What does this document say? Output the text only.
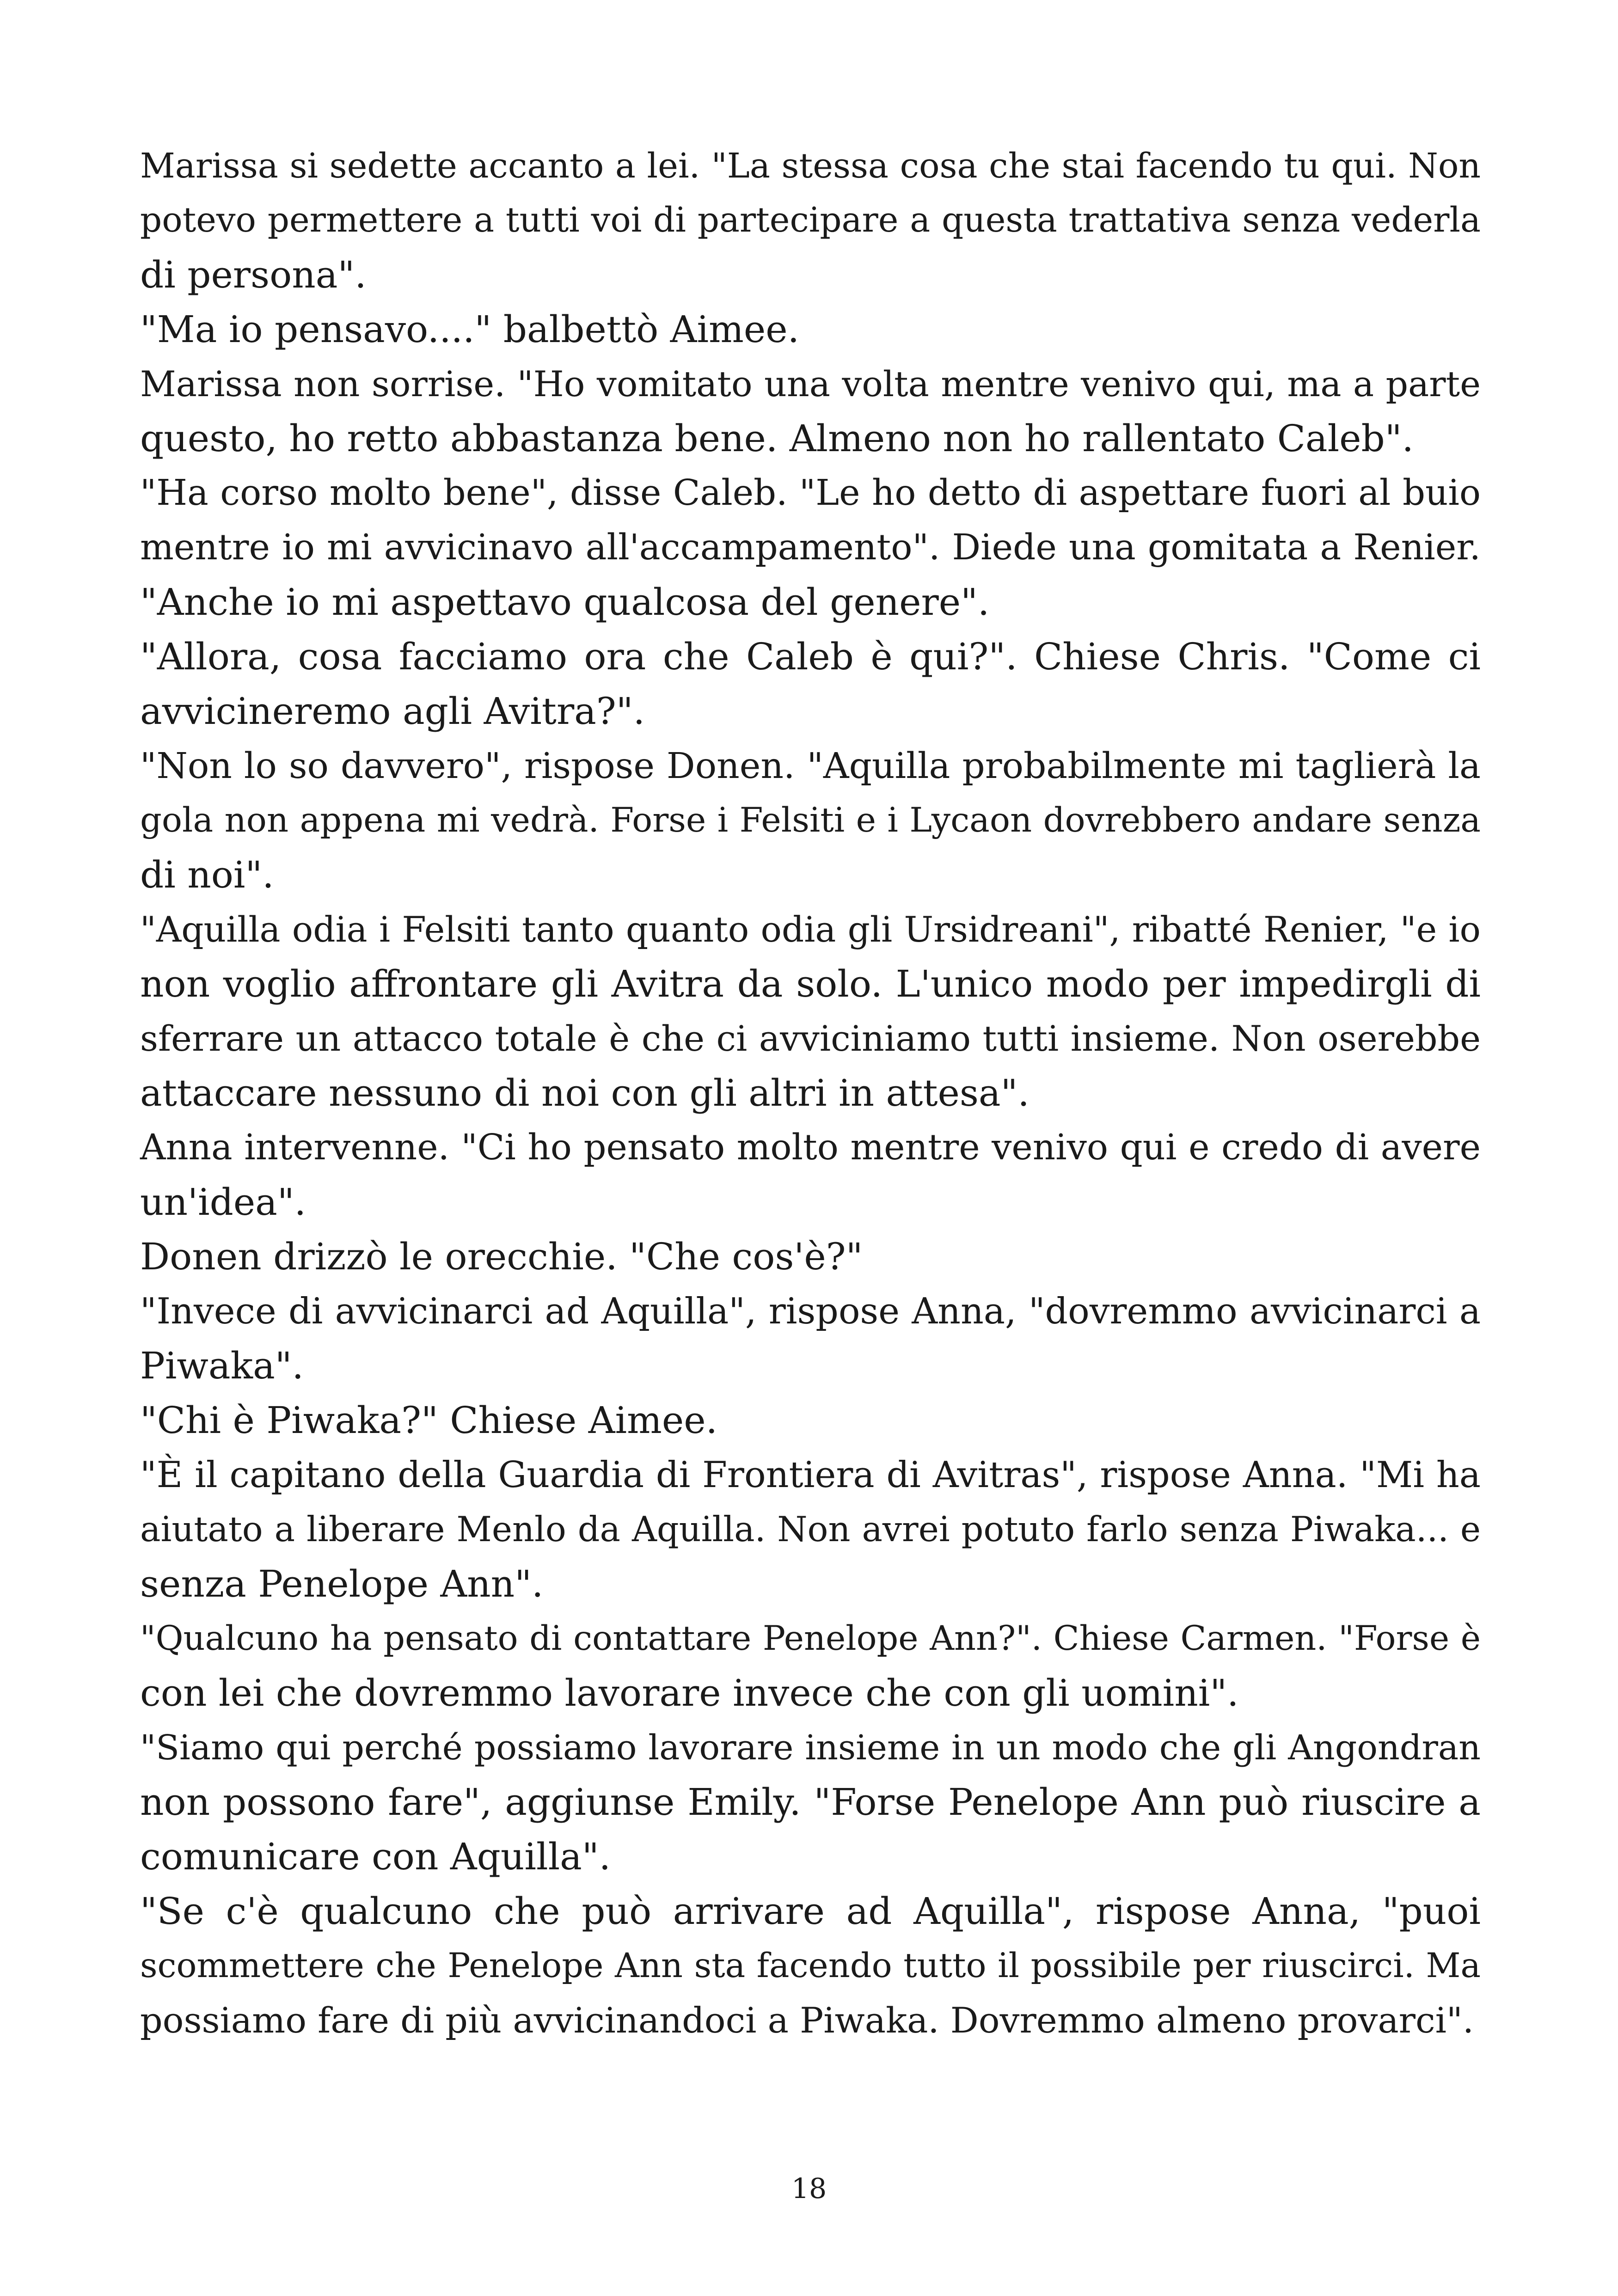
Marissa si sedette accanto a lei. "La stessa cosa che stai facendo tu qui. Non
potevo permettere a tutti voi di partecipare a questa trattativa senza vederla
di persona".
"Ma io pensavo...." balbettò Aimee.
Marissa non sorrise. "Ho vomitato una volta mentre venivo qui, ma a parte
questo, ho retto abbastanza bene. Almeno non ho rallentato Caleb".
"Ha corso molto bene", disse Caleb. "Le ho detto di aspettare fuori al buio
mentre io mi avvicinavo all'accampamento". Diede una gomitata a Renier.
"Anche io mi aspettavo qualcosa del genere".
"Allora, cosa facciamo ora che Caleb è qui?". Chiese Chris. "Come ci
avvicineremo agli Avitra?".
"Non lo so davvero", rispose Donen. "Aquilla probabilmente mi taglierà la
gola non appena mi vedrà. Forse i Felsiti e i Lycaon dovrebbero andare senza
di noi".
"Aquilla odia i Felsiti tanto quanto odia gli Ursidreani", ribatté Renier, "e io
non voglio affrontare gli Avitra da solo. L'unico modo per impedirgli di
sferrare un attacco totale è che ci avviciniamo tutti insieme. Non oserebbe
attaccare nessuno di noi con gli altri in attesa".
Anna intervenne. "Ci ho pensato molto mentre venivo qui e credo di avere
un'idea".
Donen drizzò le orecchie. "Che cos'è?"
"Invece di avvicinarci ad Aquilla", rispose Anna, "dovremmo avvicinarci a
Piwaka".
"Chi è Piwaka?" Chiese Aimee.
"È il capitano della Guardia di Frontiera di Avitras", rispose Anna. "Mi ha
aiutato a liberare Menlo da Aquilla. Non avrei potuto farlo senza Piwaka... e
senza Penelope Ann".
"Qualcuno ha pensato di contattare Penelope Ann?". Chiese Carmen. "Forse è
con lei che dovremmo lavorare invece che con gli uomini".
"Siamo qui perché possiamo lavorare insieme in un modo che gli Angondran
non possono fare", aggiunse Emily. "Forse Penelope Ann può riuscire a
comunicare con Aquilla".
"Se c'è qualcuno che può arrivare ad Aquilla", rispose Anna, "puoi
scommettere che Penelope Ann sta facendo tutto il possibile per riuscirci. Ma
possiamo fare di più avvicinandoci a Piwaka. Dovremmo almeno provarci".
18
